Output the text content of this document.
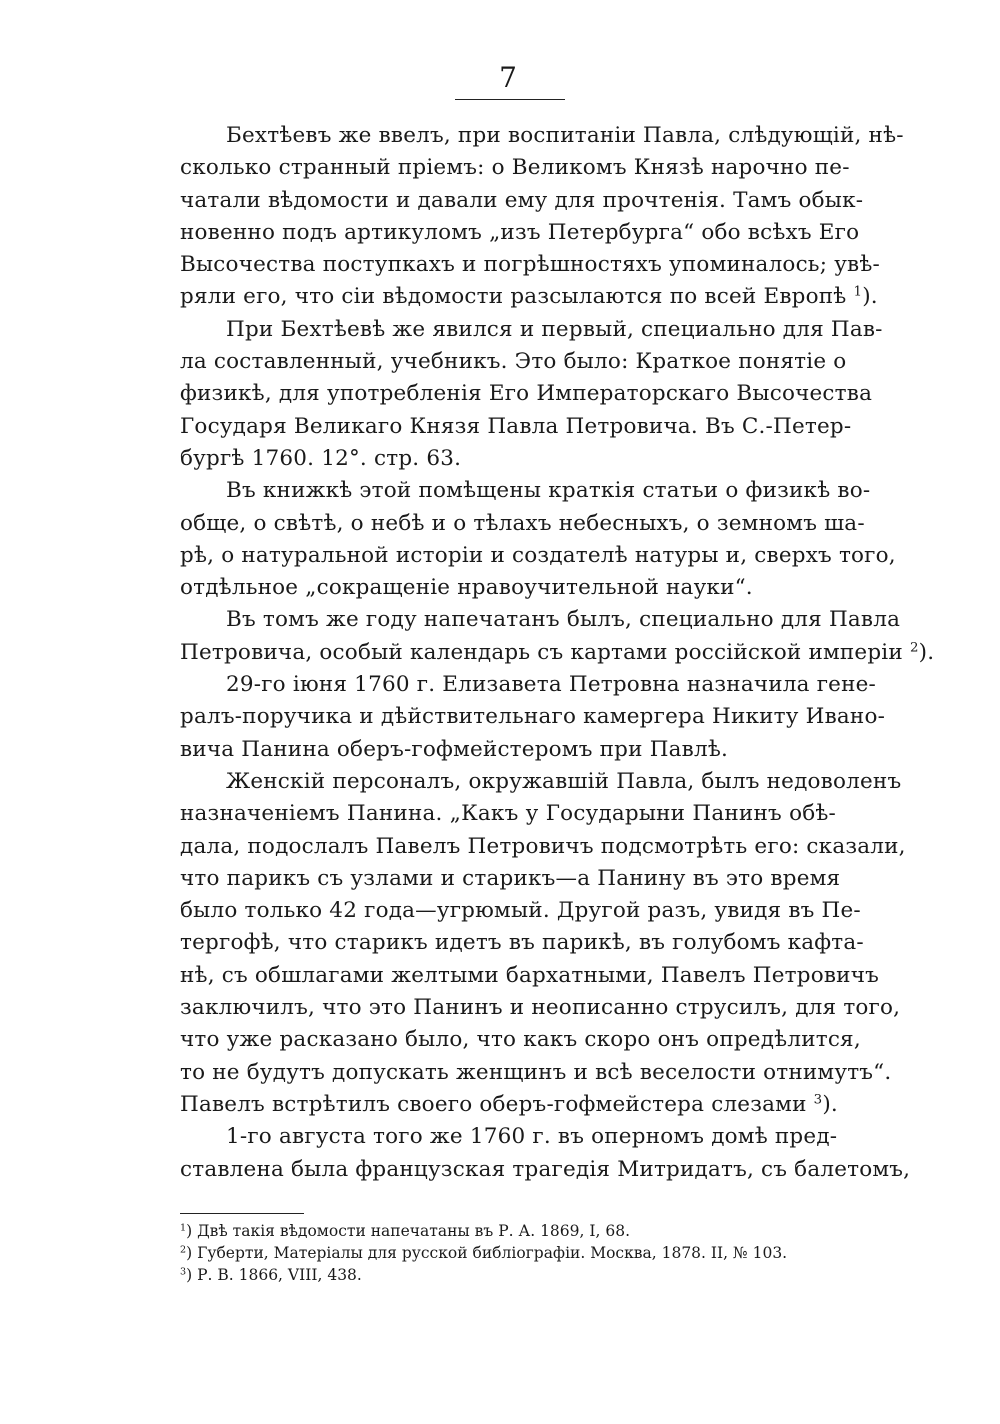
7
Бехтѣевъ же ввелъ, при воспитаніи Павла, слѣдующій, нѣ-
сколько странный пріемъ: о Великомъ Князѣ нарочно пе-
чатали вѣдомости и давали ему для прочтенія. Тамъ обык-
новенно подъ артикуломъ „изъ Петербурга“ обо всѣхъ Его
Высочества поступкахъ и погрѣшностяхъ упоминалось; увѣ-
ряли его, что сіи вѣдомости разсылаются по всей Европѣ $^1$).
При Бехтѣевѣ же явился и первый, специально для Пав-
ла составленный, учебникъ. Это было: Краткое понятіе о
физикѣ, для употребленія Его Императорскаго Высочества
Государя Великаго Князя Павла Петровича. Въ С.-Петер-
бургѣ 1760. 12°. стр. 63.
Въ книжкѣ этой помѣщены краткія статьи о физикѣ во-
обще, о свѣтѣ, о небѣ и о тѣлахъ небесныхъ, о земномъ ша-
рѣ, о натуральной исторіи и создателѣ натуры и, сверхъ того,
отдѣльное „сокращеніе нравоучительной науки“.
Въ томъ же году напечатанъ былъ, специально для Павла
Петровича, особый календарь съ картами россійской имперіи $^2$).
29-го іюня 1760 г. Елизавета Петровна назначила гене-
ралъ-поручика и дѣйствительнаго камергера Никиту Ивано-
вича Панина оберъ-гофмейстеромъ при Павлѣ.
Женскій персоналъ, окружавшій Павла, былъ недоволенъ
назначеніемъ Панина. „Какъ у Государыни Панинъ обѣ-
дала, подослалъ Павелъ Петровичъ подсмотрѣть его: сказали,
что парикъ съ узлами и старикъ—а Панину въ это время
было только 42 года—угрюмый. Другой разъ, увидя въ Пе-
тергофѣ, что старикъ идетъ въ парикѣ, въ голубомъ кафта-
нѣ, съ обшлагами желтыми бархатными, Павелъ Петровичъ
заключилъ, что это Панинъ и неописанно струсилъ, для того,
что уже расказано было, что какъ скоро онъ опредѣлится,
то не будутъ допускать женщинъ и всѣ веселости отнимутъ“.
Павелъ встрѣтилъ своего оберъ-гофмейстера слезами $^3$).
1-го августа того же 1760 г. въ оперномъ домѣ пред-
ставлена была французская трагедія Митридатъ, съ балетомъ,
$^1$) Двѣ такія вѣдомости напечатаны въ Р. А. 1869, I, 68.
$^2$) Губерти, Матеріалы для русской библіографіи. Москва, 1878. II, № 103.
$^3$) Р. В. 1866, VIII, 438.
